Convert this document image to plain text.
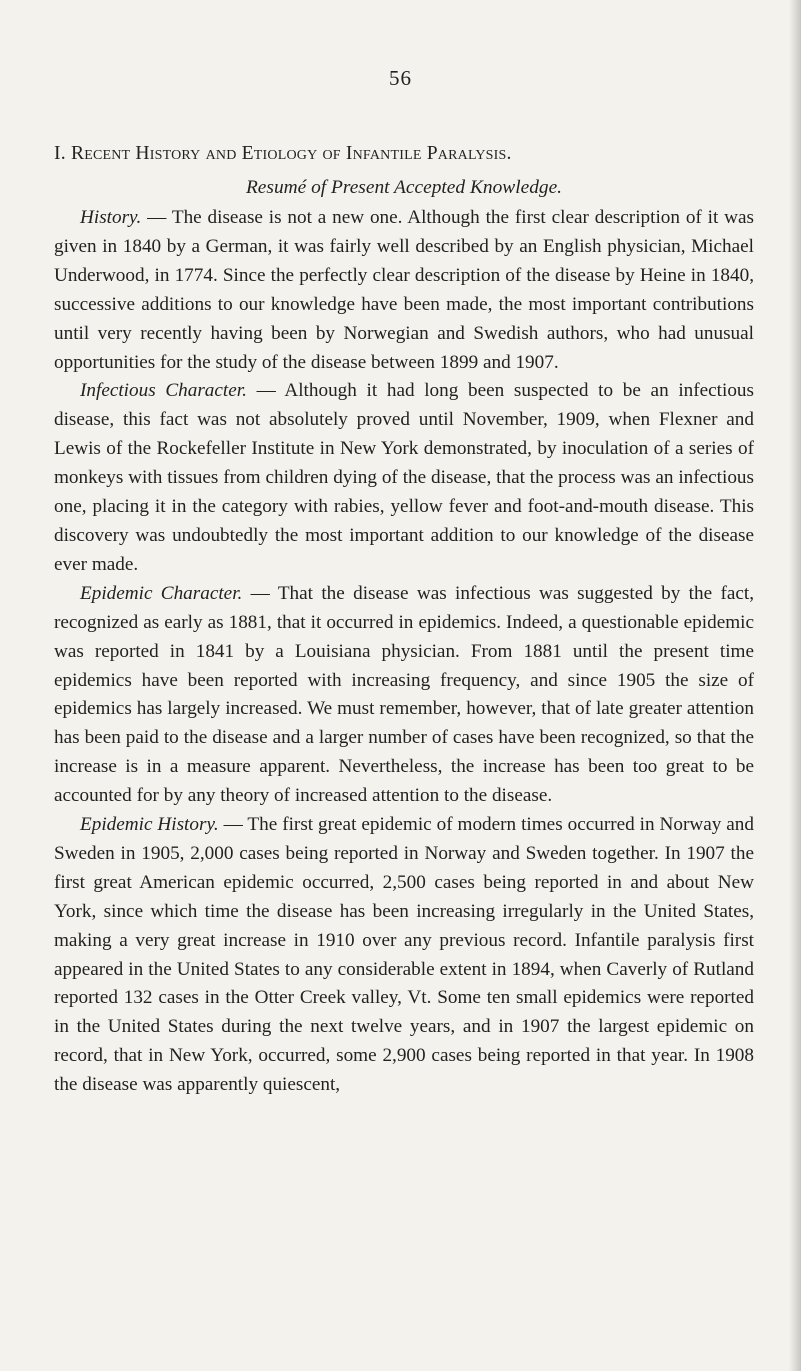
56
I. Recent History and Etiology of Infantile Paralysis.
Resumé of Present Accepted Knowledge.

History. — The disease is not a new one. Although the first clear description of it was given in 1840 by a German, it was fairly well described by an English physician, Michael Underwood, in 1774. Since the perfectly clear description of the disease by Heine in 1840, successive additions to our knowledge have been made, the most important contributions until very recently having been by Norwegian and Swedish authors, who had unusual opportunities for the study of the disease between 1899 and 1907.

Infectious Character. — Although it had long been suspected to be an infectious disease, this fact was not absolutely proved until November, 1909, when Flexner and Lewis of the Rockefeller Institute in New York demonstrated, by inoculation of a series of monkeys with tissues from children dying of the disease, that the process was an infectious one, placing it in the category with rabies, yellow fever and foot-and-mouth disease. This discovery was undoubtedly the most important addition to our knowledge of the disease ever made.

Epidemic Character. — That the disease was infectious was suggested by the fact, recognized as early as 1881, that it occurred in epidemics. Indeed, a questionable epidemic was reported in 1841 by a Louisiana physician. From 1881 until the present time epidemics have been reported with increasing frequency, and since 1905 the size of epidemics has largely increased. We must remember, however, that of late greater attention has been paid to the disease and a larger number of cases have been recognized, so that the increase is in a measure apparent. Nevertheless, the increase has been too great to be accounted for by any theory of increased attention to the disease.

Epidemic History. — The first great epidemic of modern times occurred in Norway and Sweden in 1905, 2,000 cases being reported in Norway and Sweden together. In 1907 the first great American epidemic occurred, 2,500 cases being reported in and about New York, since which time the disease has been increasing irregularly in the United States, making a very great increase in 1910 over any previous record. Infantile paralysis first appeared in the United States to any considerable extent in 1894, when Caverly of Rutland reported 132 cases in the Otter Creek valley, Vt. Some ten small epidemics were reported in the United States during the next twelve years, and in 1907 the largest epidemic on record, that in New York, occurred, some 2,900 cases being reported in that year. In 1908 the disease was apparently quiescent,
